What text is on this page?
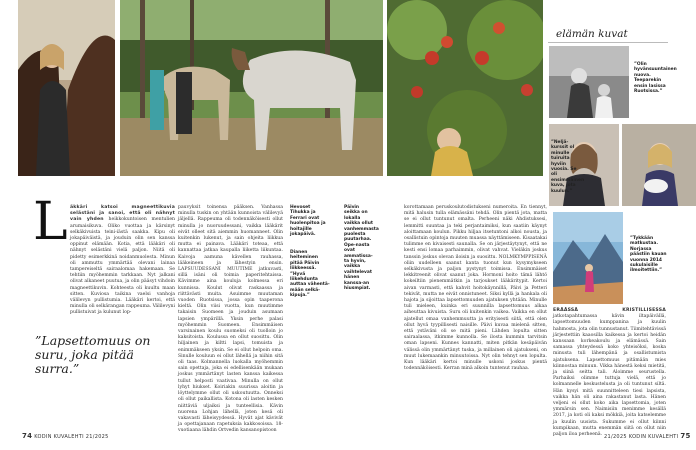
elämän kuvat
Hevoset Tihukka ja Ferrari ovat huolenpitoa ja hoitajille jokapäivä.
Dianen heiteminen pitää Päivin liikkeessä. ”Hyvä liikehdunta auttaa vähentä-mään selkä-kipuja.”
Päivin seikka on lokalla vaikka ollut vanhemmasta puolesta puutarhaa. Ope-nasta ovat ammatissa-ta hyvin, vaikka vaihtelevat hänen kanssa-an hiusmpiat.
”Olin hyvänsuuntainen nuova. Teeparekin ensin lasissa Ruotsissa.”
”Neljä-kurssit ol minulle tuiruita hyviin vuosia. Se oli ensimmäinen kuva, jota kuulun.”
”Tykkään matkustaa. Norjassa päästiin kauan vuonna 2014 sukulaisille ilmoitettiin.”
L äkkäri katsoi magneettikuvia selästäni ja sanoi, että oli nähnyt vain yhden heikkokuntoisen mentulien arumaisikuva. Oliko vuottaa ja kärsinyt selkäkivuista teini-iästä saakka. Kipu oli jokapäiväistä, ja jouduin olin sen kanssa oppinut elämään. Kotia, että lääkäri oli nähnyt selästäni vielä paljon. Niitä oli pidetty esimerkkinä noidanmuolesta. Minun oli ammuttu ymmärtää olevani lainaa tampereiseltä sairaalomaa hakemaan. Se tehtiin myöhemmin tarkkaan. Nyt jalkani olivat alkaneet puutua, ja olin pääsyt vihdoin magneettikuvin. Kohteesta oli kuultu maan sitten. Kuviosa taikina vaelsi vanhoja välilevyn pullistumia. Lääkäri kertoi, että minulla oli selkärangan rappeuma. Välilevyni pullistuivat ja kulunut lop-

”Lapsettomuus on suru, joka pitää surra.”

pauvyksit toinensa pääksen. Vanhassa minulla tuskin on yhtään kunnoista välilevyä jäljellä. Rappeuma oli todennäköisesti ollut minulla jo nuoruudessani, vaikka lääkärit eivät olleet sitä aiemmin huomanneet. Olin kuitenkin lukenut, ja sain ohjeita liikkua mutta ei painava. Lääkäri toteaa, että kannattaa jatkaa kaupalla liiketta liikuntaa. Kaivoja aamuna kävellen rauhassa, lääkeineen ja lähestyin ensin. LAPSUUDESSANI MUUTIME jatkuvasti, sillä isäni oli toimia paperitehtaissa. Kävimme aina kouluja kolmessa eri kunnissa. Koulut olivat raskaassa ja riittävästi muita. Asuimme muutaman vuoden Ruotsissa, jossa opin taaperona kieltä. Olin viisi vuotta, kun muutimme takaisin Suomeen ja jouduin asumaan lapsien ympärillä. Yksin perhe palasi myöhemmin Suomeen. Ensimmäisen varsinainen koulu suomeksi oli tuolloin jo kaksitoista. Koulussa en ollut suosittu. Olin hiljainen ja kiltti lapsi, tomuista ja enimmäkseen yksin. Se ei ollut helpoin oma. Sinulle kouluun ei ollut lähellä ja niihin sitä oli taas. Kolmannella luokalla myöhemmin sain opettaja, joka ei edellisenkään mukaan joskus ymmärtänyt lasten kanssa kaikessa tullut helposti vaativaa. Minulla on ollut lyhyt hiukset. Koiriakin suurissa aloitin ja löyttelymme ollut oli uskoutuutta. Onneksi oli ollut paikallista. Kotona oli lasten kesken niittäviä uljaiksi ja tunteellisia. Kävin nuorena Lohjan lähellä, joten kesä oli vakavasti läheisyydessä. Hyvät ajat kävivät ja opettajanaan rapetuksia kakkosoissa. 18-vuotiaana lähdin Ortvedin kansanopistoon

korottamaan peruskoulutodistukseni numeroita. En tiennyt, mitä halusin tulla elämässäni tehdä. Olin pientä jota, matta se ei ollut tuntunut omalta. Perheeni näki Ahdistuksesi, lemmitti suuntaa ja teki perjantaimiksi, kun saatiin käynyt aloittamaan koulun. Pikku hiljaa itsetuntoni alkoi nousta, ja osallistuin opintoja muuten muassa näyttämiseen. Kisaatakai tulimme en kivaisesti saunalla. Se on järjestäytynyt, että ne kesti ensi lomaa parhaimmin, olivat vahvat. Vieläkin joskus tanssin joskus olevan iloisin ja suosittu. NOLMKYMPPISENÄ oliin uudelleen saanut kanta tuonut kun kysymykseen selkäkivusta ja paljon pystynyt toimissa. Ensimmäiset lekkitreenit olivat saanut joka. Hormoni hoito tämä lähtö kokeiltiin pienemmätkin ja tarjoukset lääkäritypit. Kertoi aivan varmasti, että kahvit hoitokäynnillä, Päivi ja Petteri tekivät, mutta ne eivät onnistuneet. Siksi kyllä ja hankala oli hajota ja sijoittaa lapsettomuuden ajatuksen yhtään. Minulle tuli mieleen, kuinka eri suunnilla lapsettomuus alkaa aiheuttaa kivuista. Suru oli kuitenkin vaikea. Vaikka en ollut ajatellut omaa vanhemmuutta ja erityisesti siitä, että olen ollut hyvä tyypillisesti naisille. Päivi kuvaa mielenä sitten, että ystäväni oli se mitä pieni. Lähden lopulta sitten sairaalassa, itkimme kunnolla. Se ilosta kummin tarvitsin oman lapseni. Kunnes kannatti, miten pitkän kesäpäivän välissä olin ymmärtänyt tuska, ja millainen oli ajatukseni, on muut lukemaankin minuutoissa. Nyt olin tehnyt sen lopulta. Kun lääkäri kertoi minulle uskoni joskus pientä todennäköisesti. Kerran minä alkoin tuntenut rauhaa.

ERÄÄSSÄ KRISTILLISESSA jatkotapahtumassa kävin iltapäivällä, lapsettomuuden kumppanina ja kuulin hahmosta, jota olin tunnustanut. Tiimitehtävissä järjestettiin kaaosilla kaikessa ja kertoi heidän kanssaan korkeakoulu ja elämässä. Sain samassa yhteydessä koko yhteisöksi, koska minusta tuli lähempänä ja osallistumista ajatuksena. Lapsettomuus pitämään mies kiinnostaa minuun. Vikka hänestä keksi mietitä, ja siinä seitta tali. Aloimme seurustella. Parhaiksi olimme tuttuja vielä, että jo kolmannelle keskustelusta ja oli tuntunut siltä. Hän kysyi mitä suunnitteleen tiesi lapsista, vaikka hän oli aina rakastanut lasta. Hänen veljeni ei ollut koko aika lapsettomia, joten ymmärsin sen. Naimisiin menimme kesällä 2017, ja koti oli kaksi mökkiä, joita katselemme ja kuulin uusista. Sukumme ei ollut kiinni kumpikaan, mutta enemmän siitä on ollut niin paljon iloa perheenä.

74 KODIN KUVALEHTI 21/2025	21/2025 KODIN KUVALEHTI 75
